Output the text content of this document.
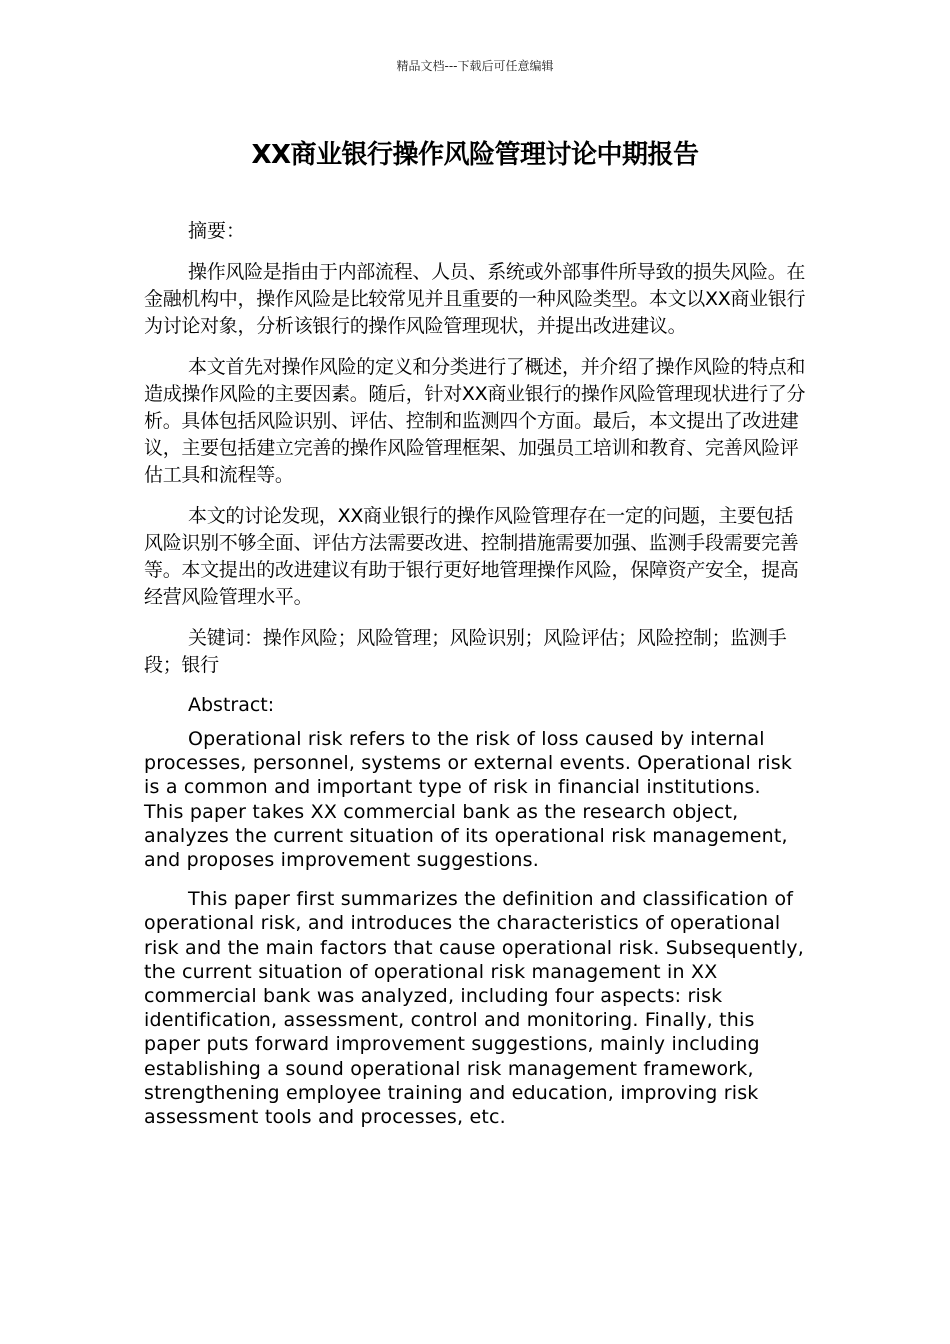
精品文档---下载后可任意编辑
XX商业银行操作风险管理讨论中期报告

摘要：

操作风险是指由于内部流程、人员、系统或外部事件所导致的损失风险。在金融机构中，操作风险是比较常见并且重要的一种风险类型。本文以XX商业银行为讨论对象，分析该银行的操作风险管理现状，并提出改进建议。

本文首先对操作风险的定义和分类进行了概述，并介绍了操作风险的特点和造成操作风险的主要因素。随后，针对XX商业银行的操作风险管理现状进行了分析。具体包括风险识别、评估、控制和监测四个方面。最后，本文提出了改进建议，主要包括建立完善的操作风险管理框架、加强员工培训和教育、完善风险评估工具和流程等。

本文的讨论发现，XX商业银行的操作风险管理存在一定的问题，主要包括风险识别不够全面、评估方法需要改进、控制措施需要加强、监测手段需要完善等。本文提出的改进建议有助于银行更好地管理操作风险，保障资产安全，提高经营风险管理水平。

关键词：操作风险；风险管理；风险识别；风险评估；风险控制；监测手段；银行

Abstract:

Operational risk refers to the risk of loss caused by internal processes, personnel, systems or external events. Operational risk is a common and important type of risk in financial institutions. This paper takes XX commercial bank as the research object, analyzes the current situation of its operational risk management, and proposes improvement suggestions.

This paper first summarizes the definition and classification of operational risk, and introduces the characteristics of operational risk and the main factors that cause operational risk. Subsequently, the current situation of operational risk management in XX commercial bank was analyzed, including four aspects: risk identification, assessment, control and monitoring. Finally, this paper puts forward improvement suggestions, mainly including establishing a sound operational risk management framework, strengthening employee training and education, improving risk assessment tools and processes, etc.
